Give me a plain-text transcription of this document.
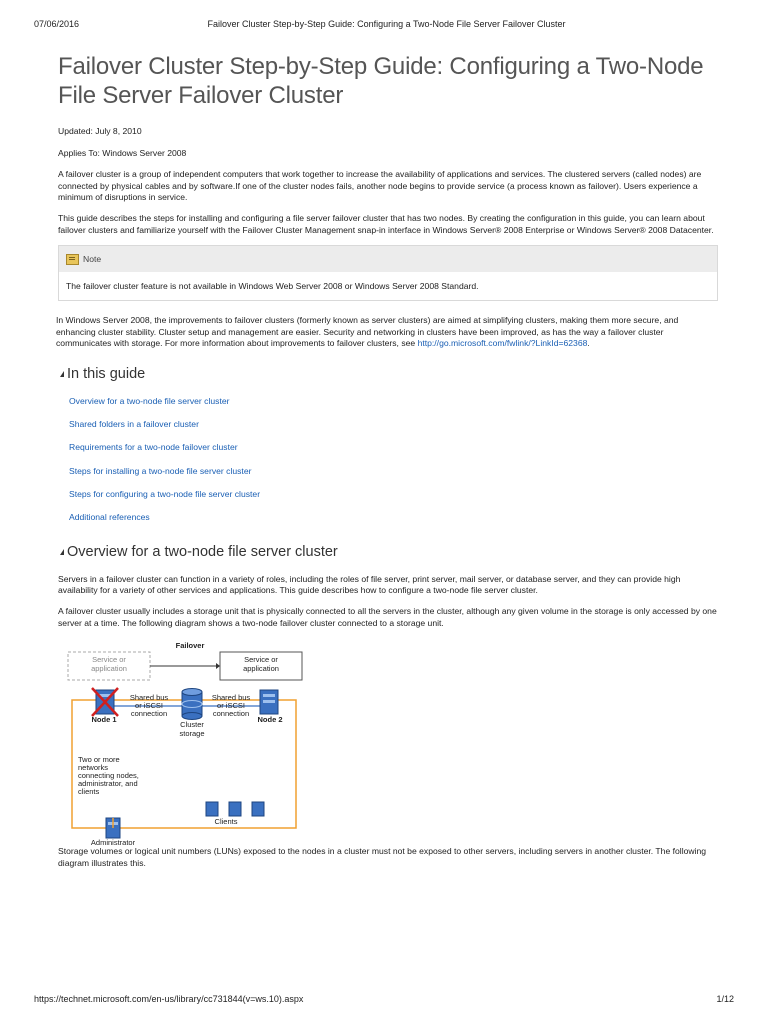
07/06/2016	Failover Cluster Step-by-Step Guide: Configuring a Two-Node File Server Failover Cluster
Failover Cluster Step-by-Step Guide: Configuring a Two-Node File Server Failover Cluster

Updated: July 8, 2010

Applies To: Windows Server 2008

A failover cluster is a group of independent computers that work together to increase the availability of applications and services. The clustered servers (called nodes) are connected by physical cables and by software.If one of the cluster nodes fails, another node begins to provide service (a process known as failover). Users experience a minimum of disruptions in service.

This guide describes the steps for installing and configuring a file server failover cluster that has two nodes. By creating the configuration in this guide, you can learn about failover clusters and familiarize yourself with the Failover Cluster Management snap-in interface in Windows Server® 2008 Enterprise or Windows Server® 2008 Datacenter.

Note
The failover cluster feature is not available in Windows Web Server 2008 or Windows Server 2008 Standard.

In Windows Server 2008, the improvements to failover clusters (formerly known as server clusters) are aimed at simplifying clusters, making them more secure, and enhancing cluster stability. Cluster setup and management are easier. Security and networking in clusters have been improved, as has the way a failover cluster communicates with storage. For more information about improvements to failover clusters, see http://go.microsoft.com/fwlink/?LinkId=62368.

In this guide
Overview for a two-node file server cluster
Shared folders in a failover cluster
Requirements for a two-node failover cluster
Steps for installing a two-node file server cluster
Steps for configuring a two-node file server cluster
Additional references
Overview for a two-node file server cluster

Servers in a failover cluster can function in a variety of roles, including the roles of file server, print server, mail server, or database server, and they can provide high availability for a variety of other services and applications. This guide describes how to configure a two-node file server cluster.

A failover cluster usually includes a storage unit that is physically connected to all the servers in the cluster, although any given volume in the storage is only accessed by one server at a time. The following diagram shows a two-node failover cluster connected to a storage unit.

Failover
Service or
application
Service or
application
Shared bus
or iSCSI
connection
Shared bus
or iSCSI
connection
Node 1	Node 2
Cluster
storage
Two or more
networks
connecting nodes,
administrator, and
clients
Clients
Administrator

Storage volumes or logical unit numbers (LUNs) exposed to the nodes in a cluster must not be exposed to other servers, including servers in another cluster. The following diagram illustrates this.

https://technet.microsoft.com/en-us/library/cc731844(v=ws.10).aspx	1/12
